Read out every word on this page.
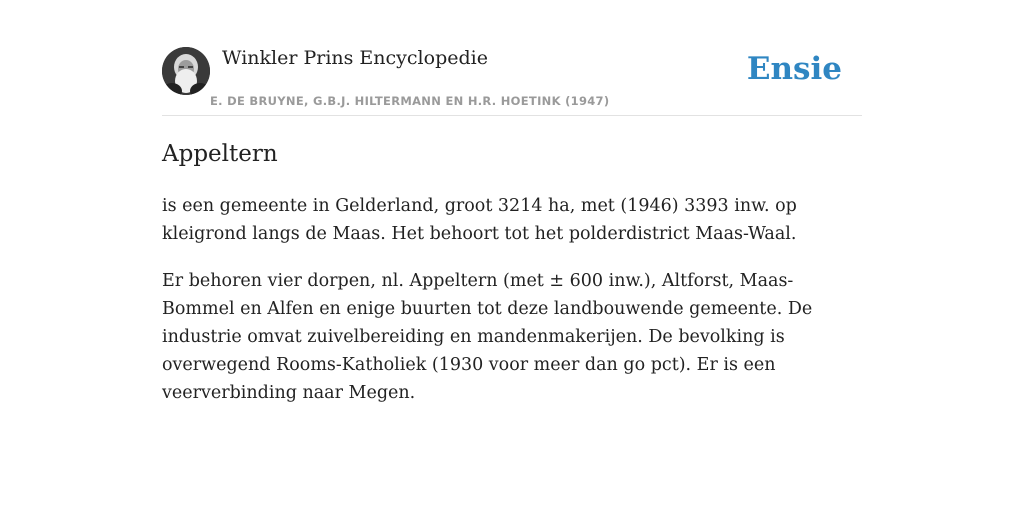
Winkler Prins Encyclopedie
E. DE BRUYNE, G.B.J. HILTERMANN EN H.R. HOETINK (1947)
Ensie
Appeltern

is een gemeente in Gelderland, groot 3214 ha, met (1946) 3393 inw. op kleigrond langs de Maas. Het behoort tot het polderdistrict Maas-Waal.

Er behoren vier dorpen, nl. Appeltern (met ± 600 inw.), Altforst, Maas-Bommel en Alfen en enige buurten tot deze landbouwende gemeente. De industrie omvat zuivelbereiding en mandenmakerijen. De bevolking is overwegend Rooms-Katholiek (1930 voor meer dan go pct). Er is een veerverbinding naar Megen.
